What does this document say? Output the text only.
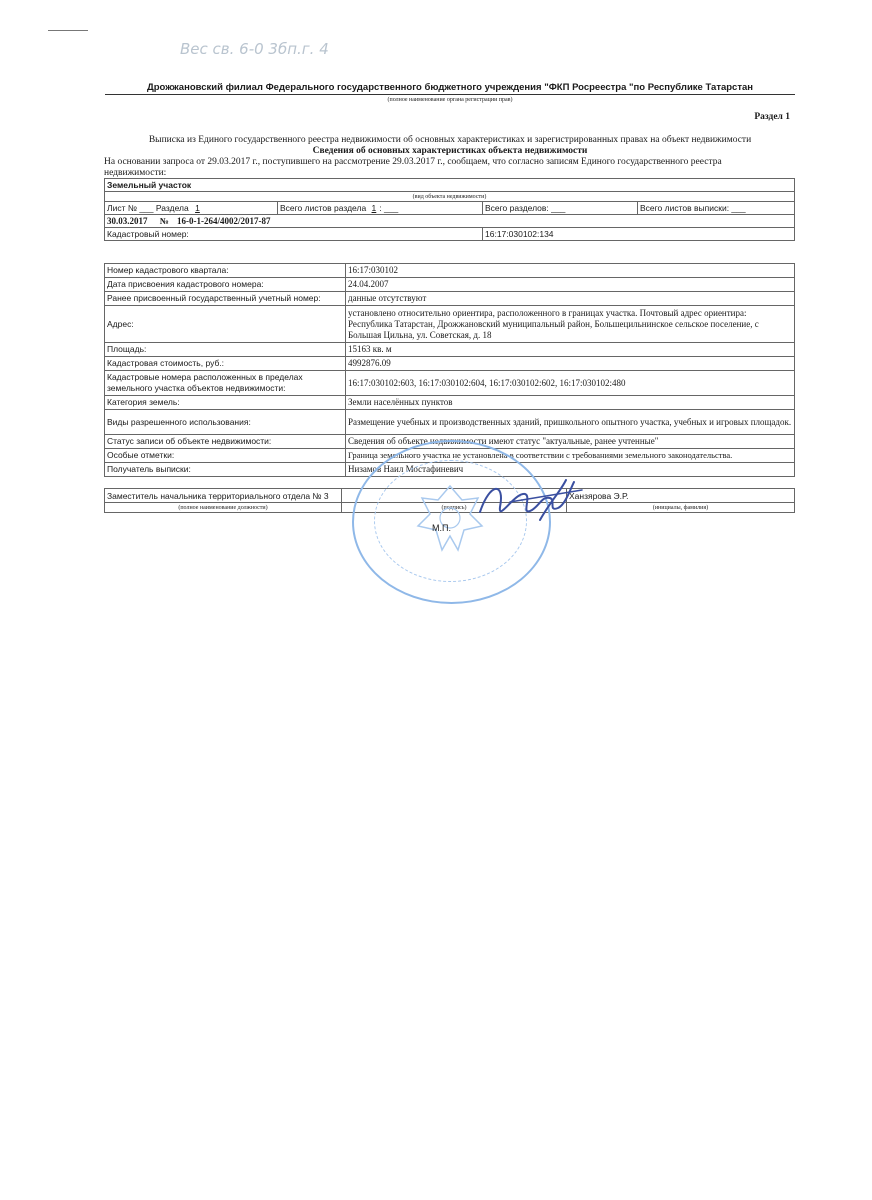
Вес св. 6-0 3бп.г. 4
Дрожжановский филиал Федерального государственного бюджетного учреждения "ФКП Росреестра "по Республике Татарстан
(полное наименование органа регистрации прав)
Раздел 1
Выписка из Единого государственного реестра недвижимости об основных характеристиках и зарегистрированных правах на объект недвижимости
Сведения об основных характеристиках объекта недвижимости
На основании запроса от 29.03.2017 г., поступившего на рассмотрение 29.03.2017 г., сообщаем, что согласно записям Единого государственного реестра недвижимости:
Земельный участок			
(вид объекта недвижимости)			
Лист № ___ Раздела 1	Всего листов раздела 1 : ___	Всего разделов: ___	Всего листов выписки: ___
30.03.2017 № 16-0-1-264/4002/2017-87			
Кадастровый номер:		16:17:030102:134	
Номер кадастрового квартала:	16:17:030102
Дата присвоения кадастрового номера:	24.04.2007
Ранее присвоенный государственный учетный номер:	данные отсутствуют
Адрес:	установлено относительно ориентира, расположенного в границах участка. Почтовый адрес ориентира: Республика Татарстан, Дрожжановский муниципальный район, Большецильнинское сельское поселение, с Большая Цильна, ул. Советская, д. 18
Площадь:	15163 кв. м
Кадастровая стоимость, руб.:	4992876.09
Кадастровые номера расположенных в пределах земельного участка объектов недвижимости:	16:17:030102:603, 16:17:030102:604, 16:17:030102:602, 16:17:030102:480
Категория земель:	Земли населённых пунктов
Виды разрешенного использования:	Размещение учебных и производственных зданий, пришкольного опытного участка, учебных и игровых площадок.
Статус записи об объекте недвижимости:	Сведения об объекте недвижимости имеют статус "актуальные, ранее учтенные"
Особые отметки:	Граница земельного участка не установлена в соответствии с требованиями земельного законодательства.
Получатель выписки:	Низамов Наил Мостафиневич
Заместитель начальника территориального отдела № 3		Ханзярова Э.Р.
(полное наименование должности)	(подпись)	(инициалы, фамилия)
М.П.
